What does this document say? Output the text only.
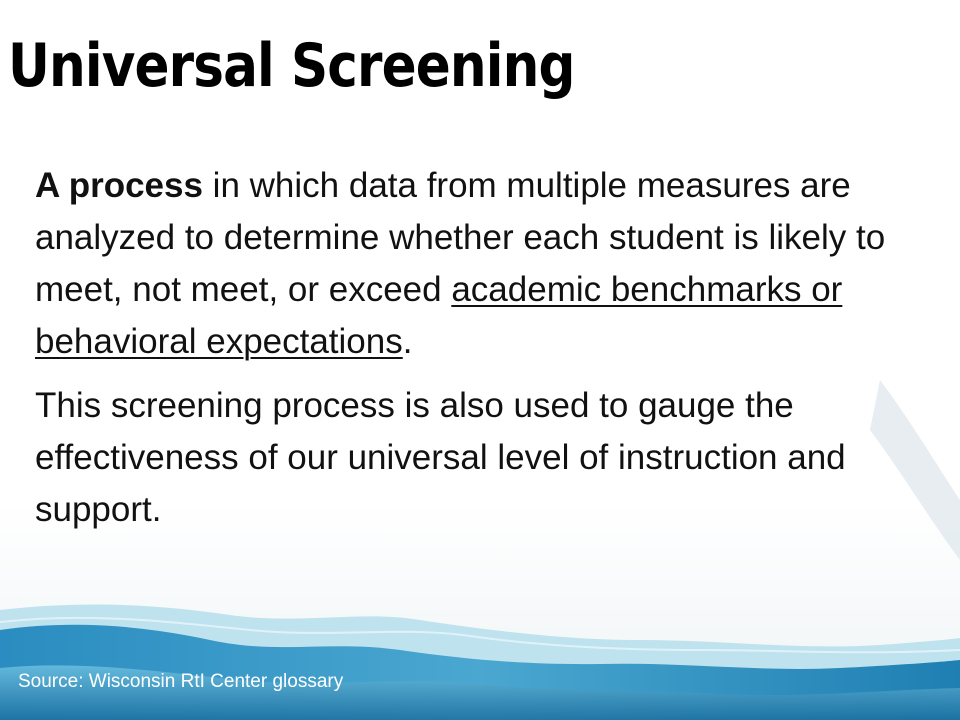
Universal Screening

A process in which data from multiple measures are analyzed to determine whether each student is likely to meet, not meet, or exceed academic benchmarks or behavioral expectations.

This screening process is also used to gauge the effectiveness of our universal level of instruction and support.

Source: Wisconsin RtI Center glossary
